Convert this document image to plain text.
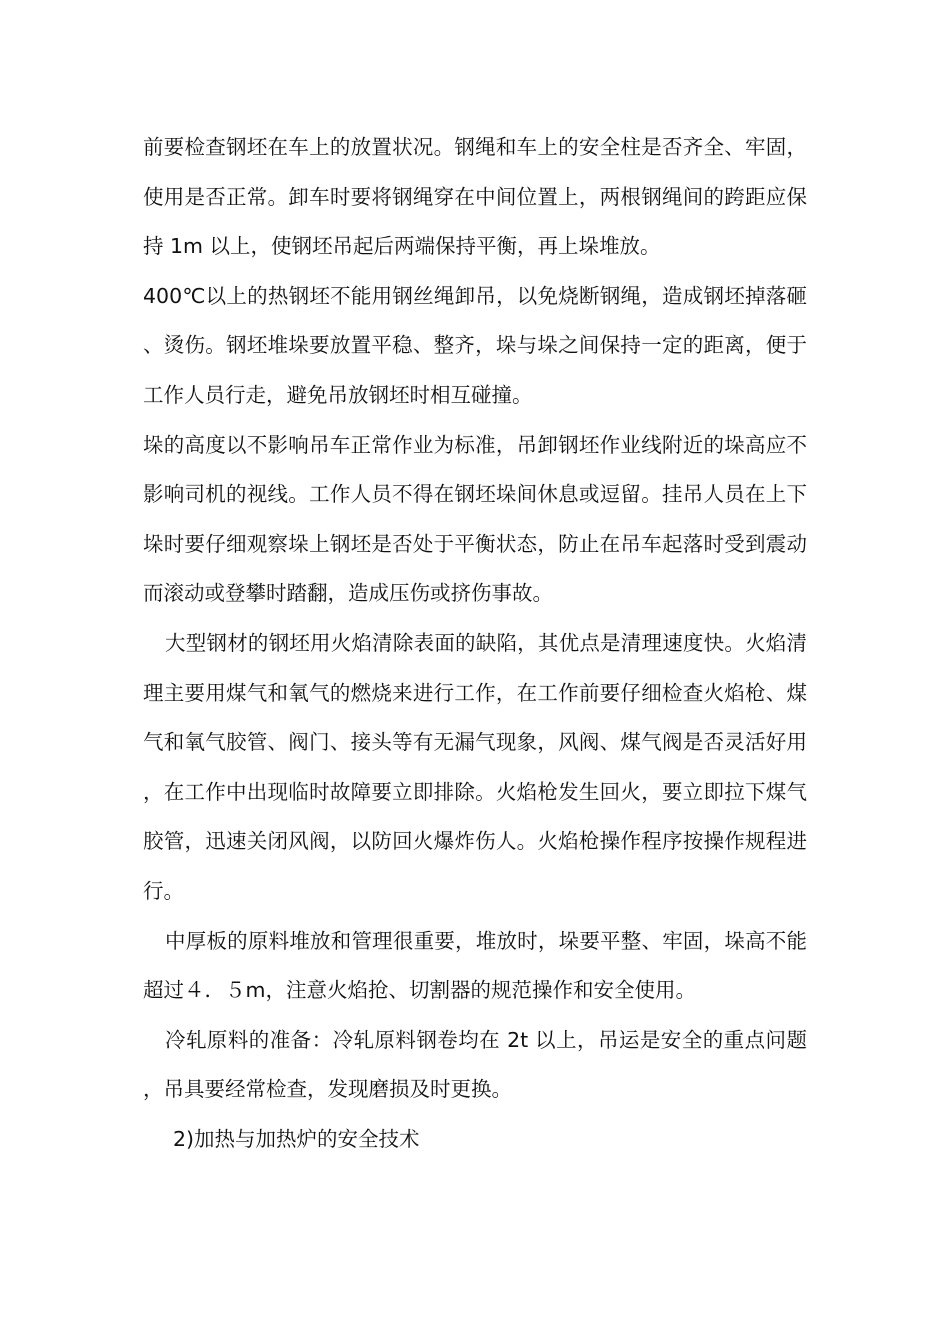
前要检查钢坯在车上的放置状况。钢绳和车上的安全柱是否齐全、牢固，使用是否正常。卸车时要将钢绳穿在中间位置上，两根钢绳间的跨距应保持 1m 以上，使钢坯吊起后两端保持平衡，再上垛堆放。

400℃以上的热钢坯不能用钢丝绳卸吊，以免烧断钢绳，造成钢坯掉落砸、烫伤。钢坯堆垛要放置平稳、整齐，垛与垛之间保持一定的距离，便于工作人员行走，避免吊放钢坯时相互碰撞。

垛的高度以不影响吊车正常作业为标准，吊卸钢坯作业线附近的垛高应不影响司机的视线。工作人员不得在钢坯垛间休息或逗留。挂吊人员在上下垛时要仔细观察垛上钢坯是否处于平衡状态，防止在吊车起落时受到震动而滚动或登攀时踏翻，造成压伤或挤伤事故。

大型钢材的钢坯用火焰清除表面的缺陷，其优点是清理速度快。火焰清理主要用煤气和氧气的燃烧来进行工作，在工作前要仔细检查火焰枪、煤气和氧气胶管、阀门、接头等有无漏气现象，风阀、煤气阀是否灵活好用，在工作中出现临时故障要立即排除。火焰枪发生回火，要立即拉下煤气胶管，迅速关闭风阀，以防回火爆炸伤人。火焰枪操作程序按操作规程进行。

中厚板的原料堆放和管理很重要，堆放时，垛要平整、牢固，垛高不能超过４．５m，注意火焰抢、切割器的规范操作和安全使用。

冷轧原料的准备：冷轧原料钢卷均在 2t 以上，吊运是安全的重点问题，吊具要经常检查，发现磨损及时更换。

2)加热与加热炉的安全技术
